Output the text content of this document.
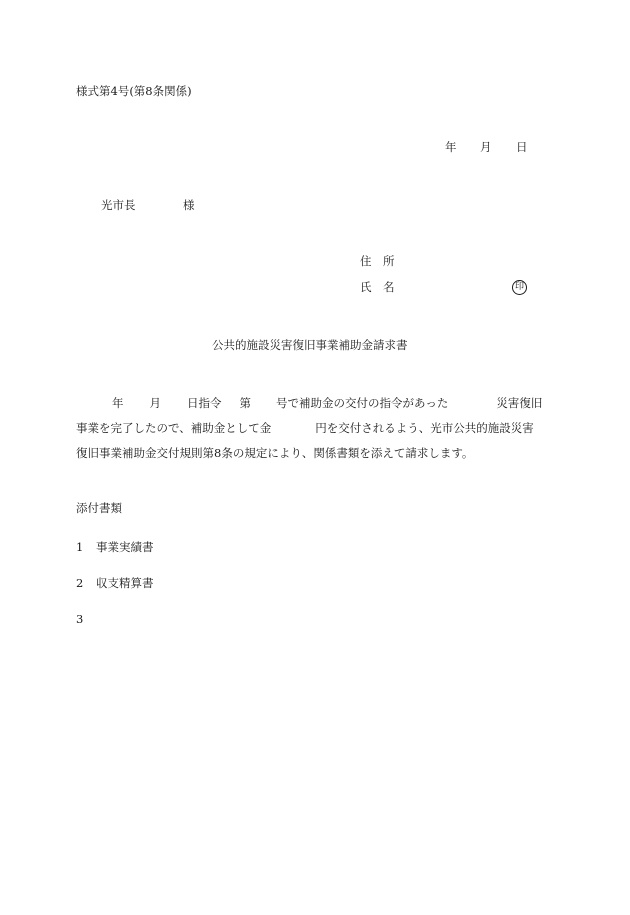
様式第4号(第8条関係)
年 月 日
光市長	様
住　所
氏　名	印
公共的施設災害復旧事業補助金請求書
年 月 日指令 第 号で補助金の交付の指令があった	災害復旧
事業を完了したので、補助金として金	円を交付されるよう、光市公共的施設災害
復旧事業補助金交付規則第8条の規定により、関係書類を添えて請求します。
添付書類
1 事業実績書
2 収支精算書
3
